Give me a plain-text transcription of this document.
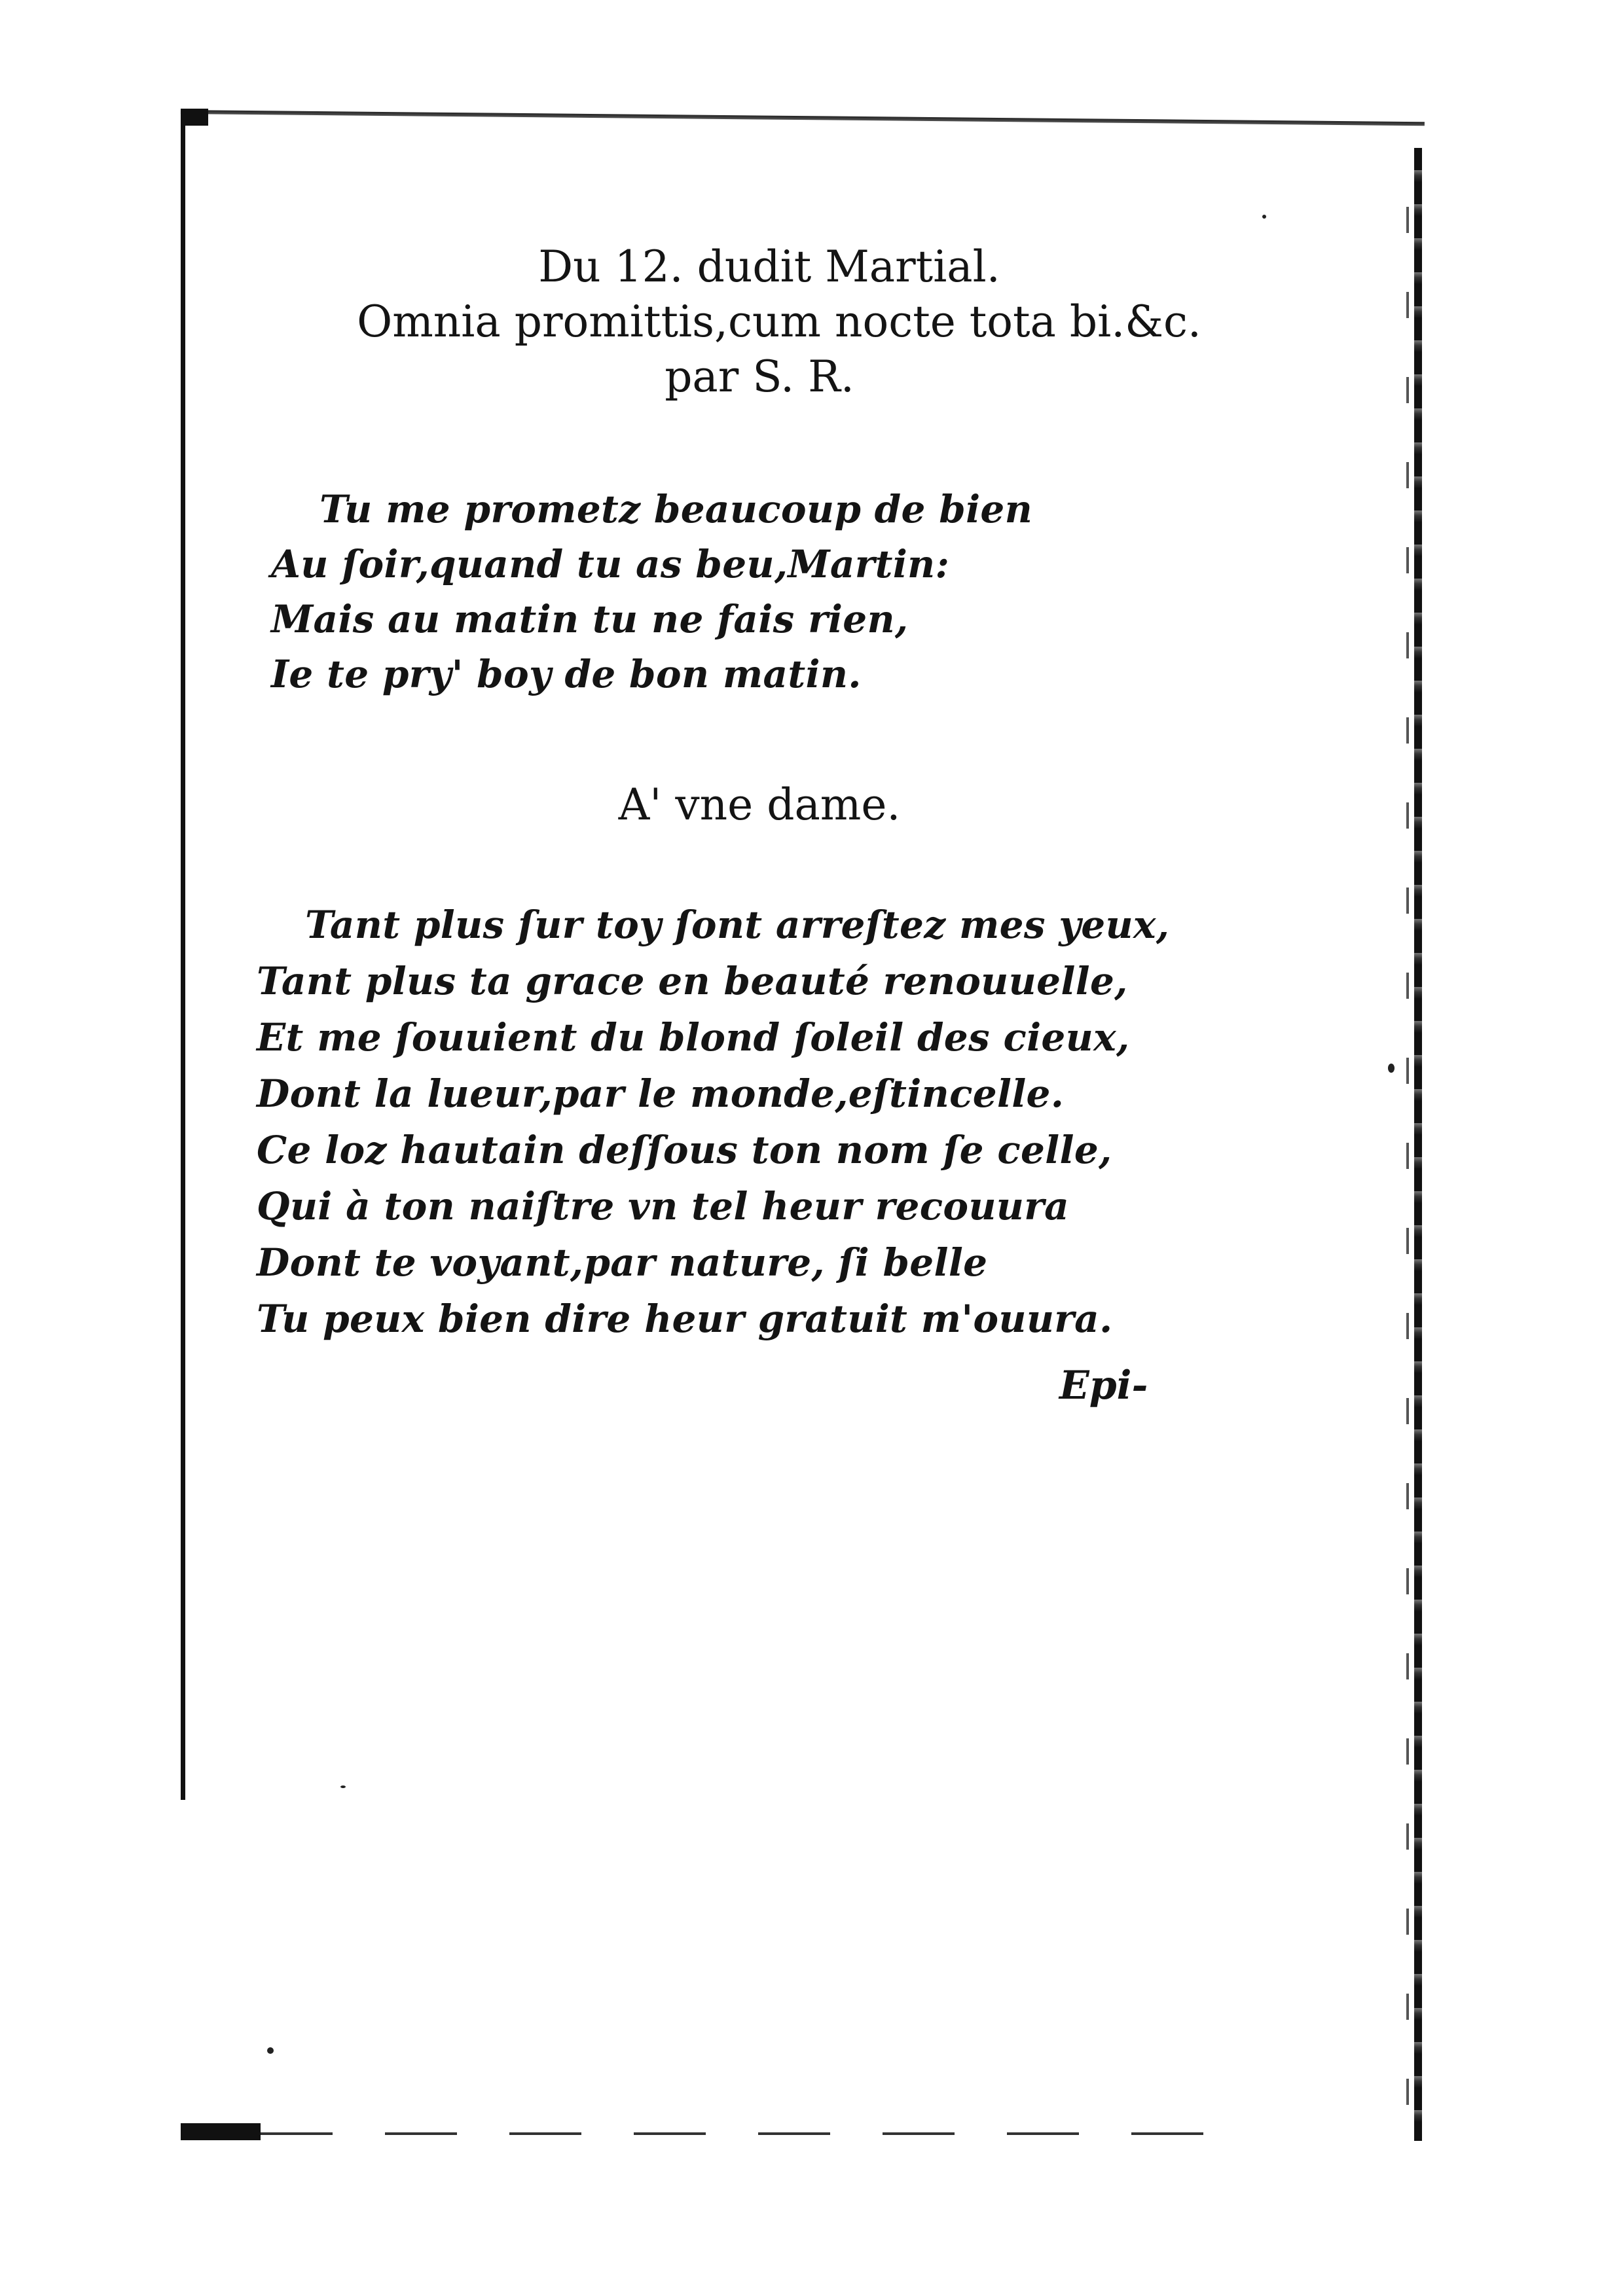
Du 12. dudit Martial.
Omnia promittis,cum nocte tota bi.&c.
par S. R.
Tu me prometz beaucoup de bien
Au ſoir,quand tu as beu,Martin:
Mais au matin tu ne fais rien,
Ie te pry' boy de bon matin.
A' vne dame.
Tant plus ſur toy ſont arreſtez mes yeux,
Tant plus ta grace en beauté renouuelle,
Et me ſouuient du blond ſoleil des cieux,
Dont la lueur,par le monde,eſtincelle.
Ce loz hautain deſſous ton nom ſe celle,
Qui à ton naiſtre vn tel heur recouura
Dont te voyant,par nature, ſi belle
Tu peux bien dire heur gratuit m'ouura.
Epi-
